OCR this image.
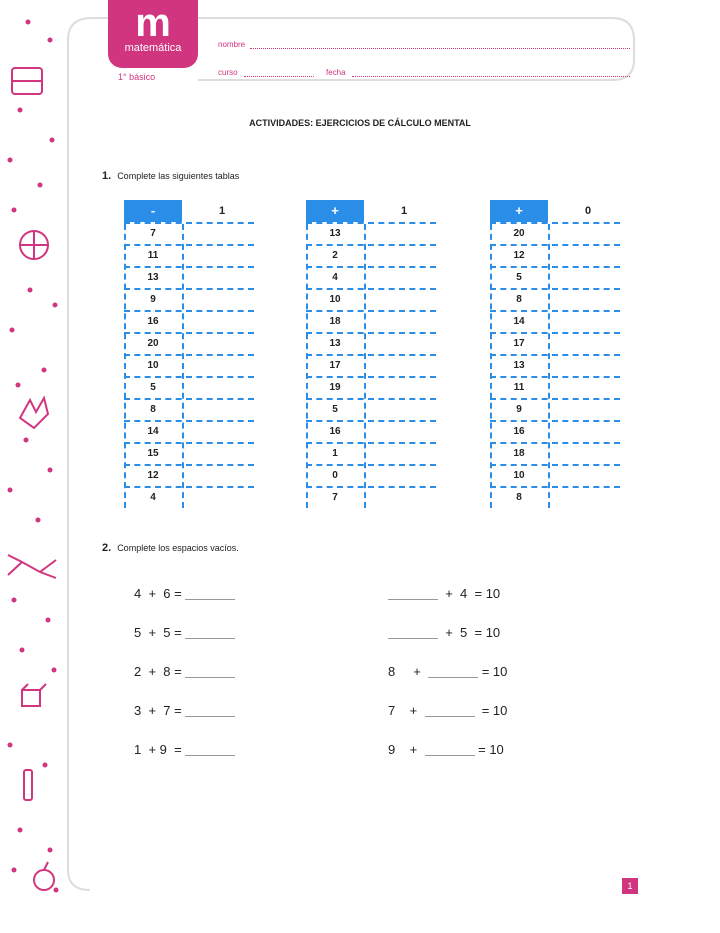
m
matemática
1° básico
nombre
curso	fecha
ACTIVIDADES: EJERCICIOS DE CÁLCULO MENTAL
1. Complete las siguientes tablas
-	1
7
11
13
9
16
20
10
5
8
14
15
12
4
+	1
13
2
4
10
18
13
17
19
5
16
1
0
7
+	0
20
12
5
8
14
17
13
11
9
16
18
10
8
2. Complete los espacios vacíos.
4  +  6 =
5  +  5 =
2  +  8 =
3  +  7 =
1  + 9  =
+  4  = 10
+  5  = 10
8     +	= 10
7    +	= 10
9    +	= 10
1
